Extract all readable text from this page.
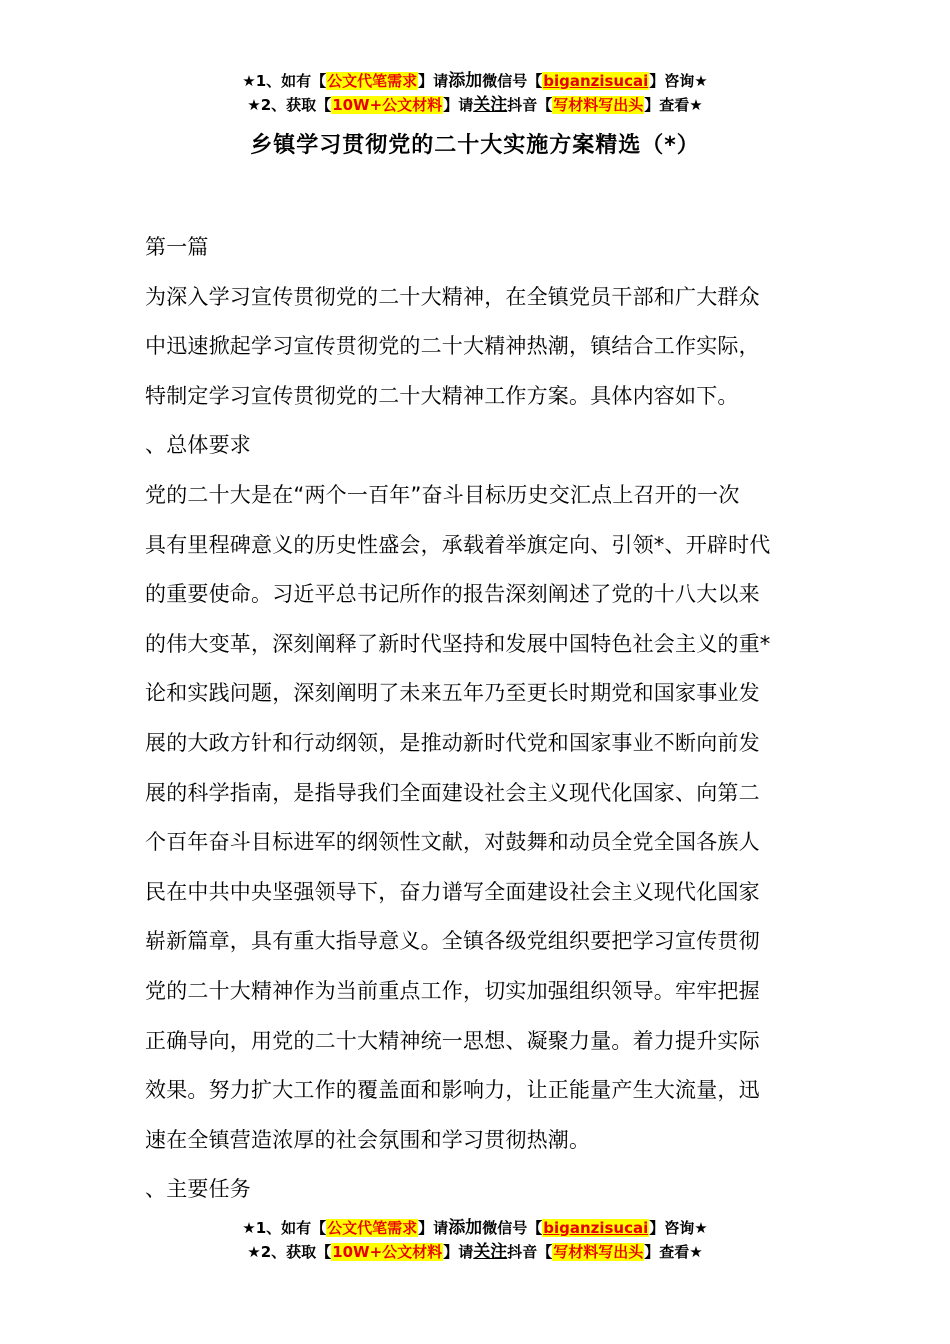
★1、如有【公文代笔需求】请添加微信号【biganzisucai】咨询★
★2、获取【10W+公文材料】请关注抖音【写材料写出头】查看★
乡镇学习贯彻党的二十大实施方案精选（*）

第一篇

为深入学习宣传贯彻党的二十大精神，在全镇党员干部和广大群众

中迅速掀起学习宣传贯彻党的二十大精神热潮，镇结合工作实际，

特制定学习宣传贯彻党的二十大精神工作方案。具体内容如下。

、总体要求

党的二十大是在“两个一百年”奋斗目标历史交汇点上召开的一次

具有里程碑意义的历史性盛会，承载着举旗定向、引领*、开辟时代

的重要使命。习近平总书记所作的报告深刻阐述了党的十八大以来

的伟大变革，深刻阐释了新时代坚持和发展中国特色社会主义的重*

论和实践问题，深刻阐明了未来五年乃至更长时期党和国家事业发

展的大政方针和行动纲领，是推动新时代党和国家事业不断向前发

展的科学指南，是指导我们全面建设社会主义现代化国家、向第二

个百年奋斗目标进军的纲领性文献，对鼓舞和动员全党全国各族人

民在中共中央坚强领导下，奋力谱写全面建设社会主义现代化国家

崭新篇章，具有重大指导意义。全镇各级党组织要把学习宣传贯彻

党的二十大精神作为当前重点工作，切实加强组织领导。牢牢把握

正确导向，用党的二十大精神统一思想、凝聚力量。着力提升实际

效果。努力扩大工作的覆盖面和影响力，让正能量产生大流量，迅

速在全镇营造浓厚的社会氛围和学习贯彻热潮。

、主要任务

★1、如有【公文代笔需求】请添加微信号【biganzisucai】咨询★
★2、获取【10W+公文材料】请关注抖音【写材料写出头】查看★
